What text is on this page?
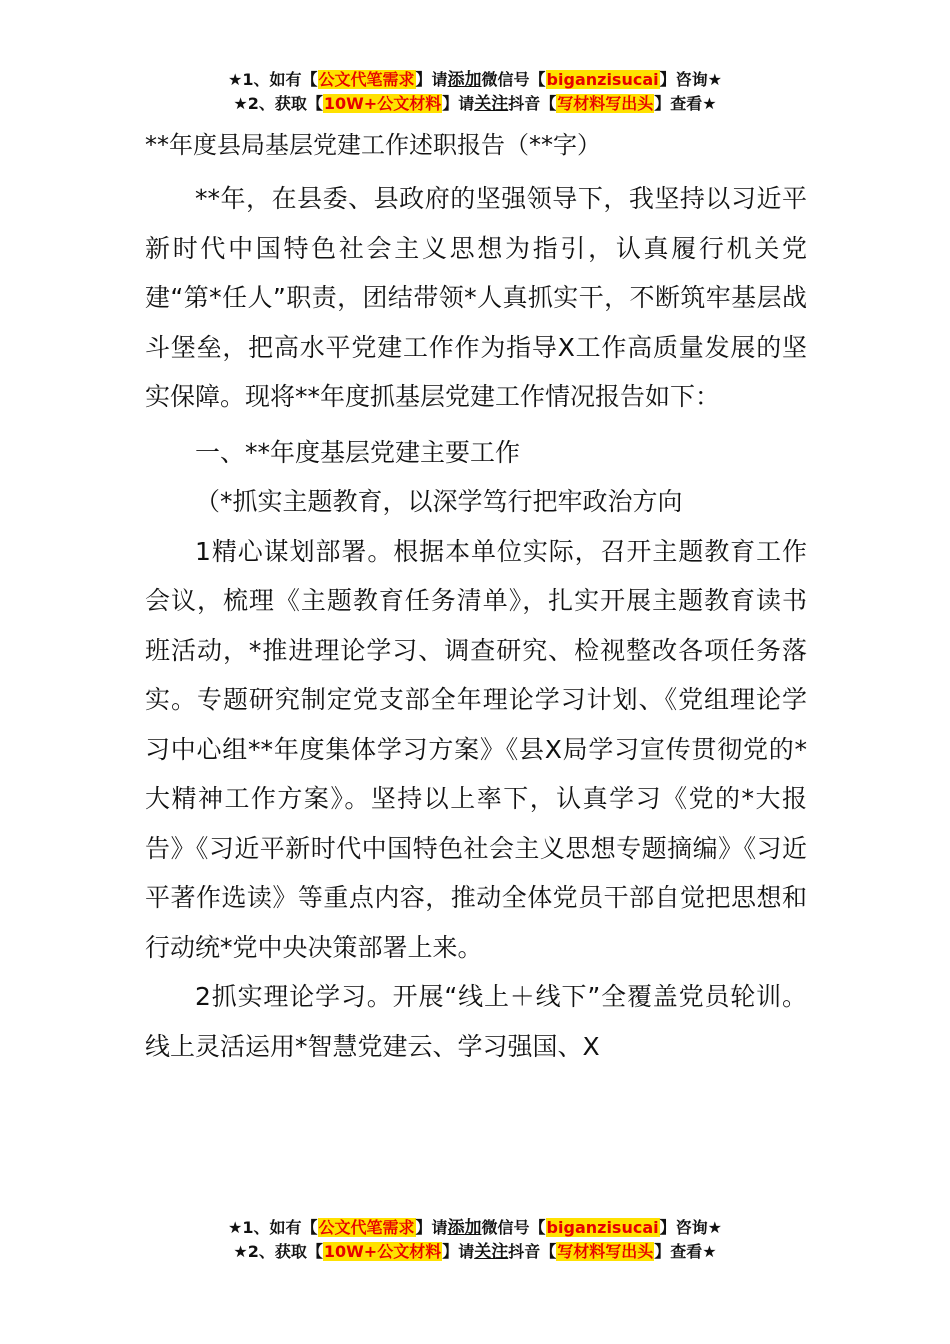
★1、如有【公文代笔需求】请添加微信号【biganzisucai】咨询★
★2、获取【10W+公文材料】请关注抖音【写材料写出头】查看★
**年度县局基层党建工作述职报告（**字）

**年，在县委、县政府的坚强领导下，我坚持以习近平新时代中国特色社会主义思想为指引，认真履行机关党建“第*任人”职责，团结带领*人真抓实干，不断筑牢基层战斗堡垒，把高水平党建工作作为指导X工作高质量发展的坚实保障。现将**年度抓基层党建工作情况报告如下：

一、**年度基层党建主要工作

（*抓实主题教育，以深学笃行把牢政治方向

1精心谋划部署。根据本单位实际，召开主题教育工作会议，梳理《主题教育任务清单》，扎实开展主题教育读书班活动，*推进理论学习、调查研究、检视整改各项任务落实。专题研究制定党支部全年理论学习计划、《党组理论学习中心组**年度集体学习方案》《县X局学习宣传贯彻党的*大精神工作方案》。坚持以上率下，认真学习《党的*大报告》《习近平新时代中国特色社会主义思想专题摘编》《习近平著作选读》等重点内容，推动全体党员干部自觉把思想和行动统*党中央决策部署上来。

2抓实理论学习。开展“线上＋线下”全覆盖党员轮训。线上灵活运用*智慧党建云、学习强国、X

★1、如有【公文代笔需求】请添加微信号【biganzisucai】咨询★
★2、获取【10W+公文材料】请关注抖音【写材料写出头】查看★
